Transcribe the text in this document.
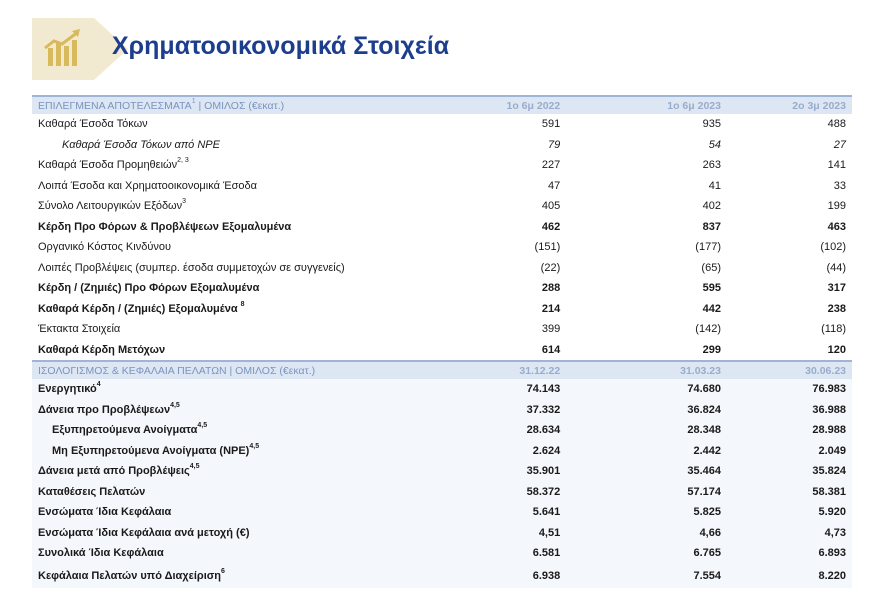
Χρηματοοικονομικά Στοιχεία
ΕΠΙΛΕΓΜΕΝΑ ΑΠΟΤΕΛΕΣΜΑΤΑ$^1$ | ΟΜΙΛΟΣ (€εκατ.)	1ο 6μ 2022	1ο 6μ 2023	2ο 3μ 2023
Καθαρά Έσοδα Τόκων	591	935	488
Καθαρά Έσοδα Τόκων από NPE	79	54	27
Καθαρά Έσοδα Προμηθειών$^{2, 3}$	227	263	141
Λοιπά Έσοδα και Χρηματοοικονομικά Έσοδα	47	41	33
Σύνολο Λειτουργικών Εξόδων$^3$	405	402	199
Κέρδη Προ Φόρων & Προβλέψεων Εξομαλυμένα	462	837	463
Οργανικό Κόστος Κινδύνου	(151)	(177)	(102)
Λοιπές Προβλέψεις (συμπερ. έσοδα συμμετοχών σε συγγενείς)	(22)	(65)	(44)
Κέρδη / (Ζημιές) Προ Φόρων Εξομαλυμένα	288	595	317
Καθαρά Κέρδη / (Ζημιές) Εξομαλυμένα $^8$	214	442	238
Έκτακτα Στοιχεία	399	(142)	(118)
Καθαρά Κέρδη Μετόχων	614	299	120
ΙΣΟΛΟΓΙΣΜΟΣ & ΚΕΦΑΛΑΙΑ ΠΕΛΑΤΩΝ | ΟΜΙΛΟΣ (€εκατ.)	31.12.22	31.03.23	30.06.23
Ενεργητικό$^4$	74.143	74.680	76.983
Δάνεια προ Προβλέψεων$^{4,5}$	37.332	36.824	36.988
Εξυπηρετούμενα Ανοίγματα$^{4,5}$	28.634	28.348	28.988
Μη Εξυπηρετούμενα Ανοίγματα (NPE)$^{4,5}$	2.624	2.442	2.049
Δάνεια μετά από Προβλέψεις$^{4,5}$	35.901	35.464	35.824
Καταθέσεις Πελατών	58.372	57.174	58.381
Ενσώματα Ίδια Κεφάλαια	5.641	5.825	5.920
Ενσώματα Ίδια Κεφάλαια ανά μετοχή (€)	4,51	4,66	4,73
Συνολικά Ίδια Κεφάλαια	6.581	6.765	6.893
Κεφάλαια Πελατών υπό Διαχείριση$^6$	6.938	7.554	8.220
